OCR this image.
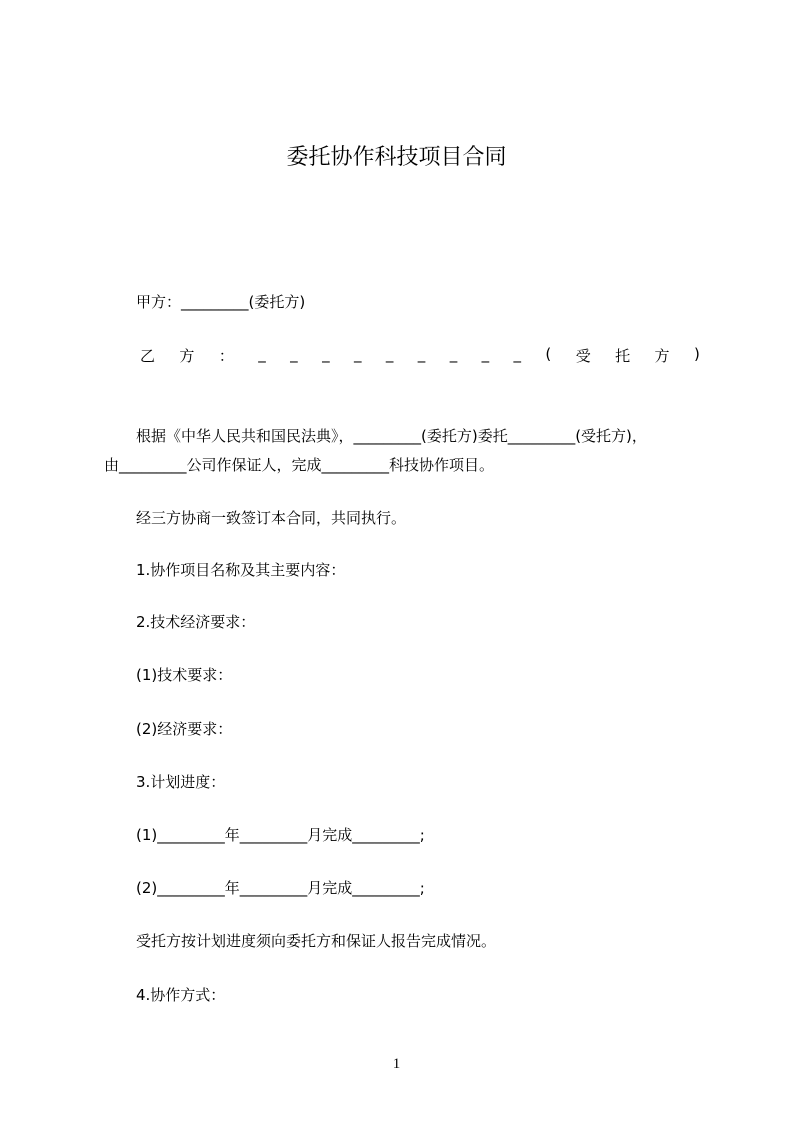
委托协作科技项目合同
甲方：_________(委托方)
乙 方 ： _ _ _ _ _ _ _ _ _ ( 受 托 方 )
根据《中华人民共和国民法典》，_________(委托方)委托_________(受托方)，
由_________公司作保证人，完成_________科技协作项目。
经三方协商一致签订本合同，共同执行。
1.协作项目名称及其主要内容：
2.技术经济要求：
(1)技术要求：
(2)经济要求：
3.计划进度：
(1)_________年_________月完成_________;
(2)_________年_________月完成_________;
受托方按计划进度须向委托方和保证人报告完成情况。
4.协作方式：
1
